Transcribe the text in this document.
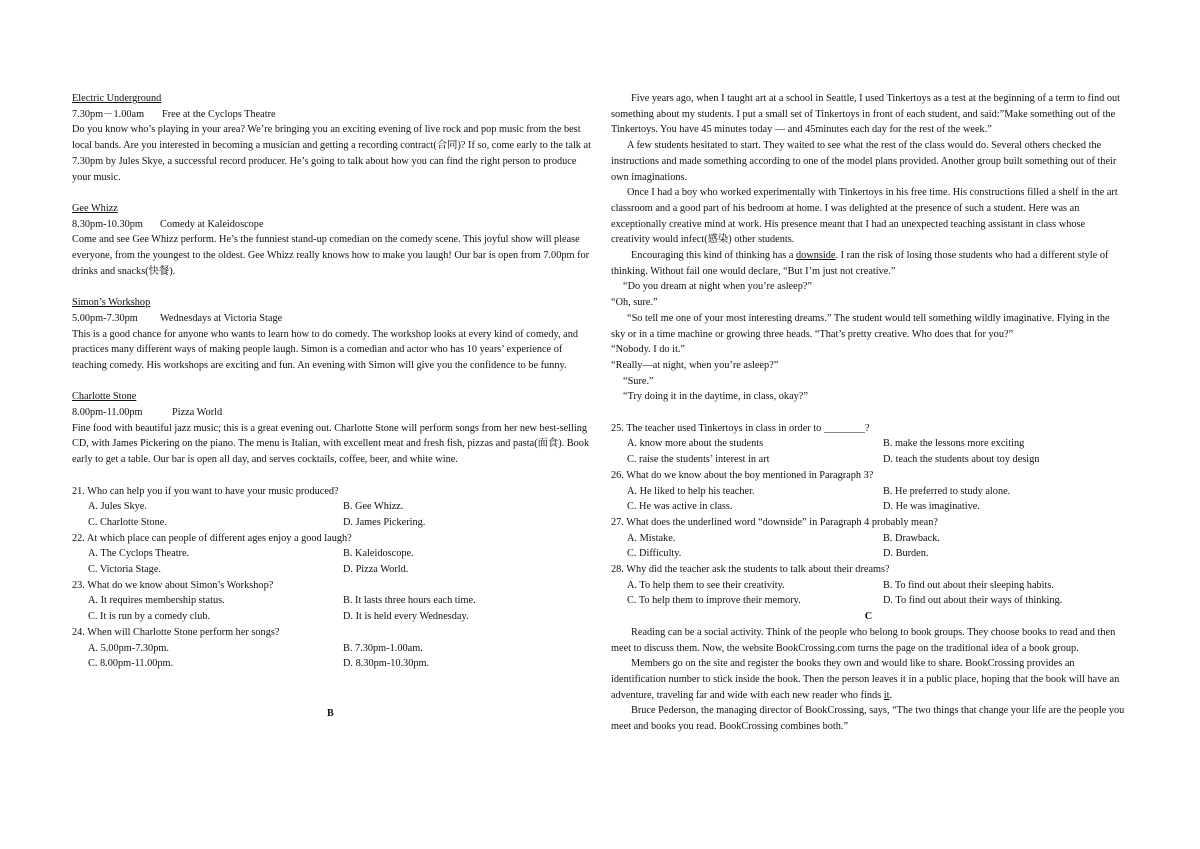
Electric Underground

7.30pm－1.00am Free at the Cyclops Theatre

Do you know who’s playing in your area? We’re bringing you an exciting evening of live rock and pop music from the best local bands. Are you interested in becoming a musician and getting a recording contract(合同)? If so, come early to the talk at 7.30pm by Jules Skye, a successful record producer. He’s going to talk about how you can find the right person to produce your music.

Gee Whizz

8.30pm-10.30pm Comedy at Kaleidoscope

Come and see Gee Whizz perform. He’s the funniest stand-up comedian on the comedy scene. This joyful show will please everyone, from the youngest to the oldest. Gee Whizz really knows how to make you laugh! Our bar is open from 7.00pm for drinks and snacks(快餐).

Simon’s Workshop

5.00pm-7.30pm Wednesdays at Victoria Stage

This is a good chance for anyone who wants to learn how to do comedy. The workshop looks at every kind of comedy, and practices many different ways of making people laugh. Simon is a comedian and actor who has 10 years’ experience of teaching comedy. His workshops are exciting and fun. An evening with Simon will give you the confidence to be funny.

Charlotte Stone

8.00pm-11.00pm	Pizza World

Fine food with beautiful jazz music; this is a great evening out. Charlotte Stone will perform songs from her new best-selling CD, with James Pickering on the piano. The menu is Italian, with excellent meat and fresh fish, pizzas and pasta(面食). Book early to get a table. Our bar is open all day, and serves cocktails, coffee, beer, and white wine.

21. Who can help you if you want to have your music produced?

A. Jules Skye.	B. Gee Whizz.
C. Charlotte Stone.	D. James Pickering.

22. At which place can people of different ages enjoy a good laugh?

A. The Cyclops Theatre.	B. Kaleidoscope.
C. Victoria Stage.	D. Pizza World.

23. What do we know about Simon’s Workshop?

A. It requires membership status.	B. It lasts three hours each time.
C. It is run by a comedy club.	D. It is held every Wednesday.

24. When will Charlotte Stone perform her songs?

A. 5.00pm-7.30pm.	B. 7.30pm-1.00am.
C. 8.00pm-11.00pm.	D. 8.30pm-10.30pm.
B

Five years ago, when I taught art at a school in Seattle, I used Tinkertoys as a test at the beginning of a term to find out something about my students. I put a small set of Tinkertoys in front of each student, and said:”Make something out of the Tinkertoys. You have 45 minutes today — and 45minutes each day for the rest of the week.”

A few students hesitated to start. They waited to see what the rest of the class would do. Several others checked the instructions and made something according to one of the model plans provided. Another group built something out of their own imaginations.

Once I had a boy who worked experimentally with Tinkertoys in his free time. His constructions filled a shelf in the art classroom and a good part of his bedroom at home. I was delighted at the presence of such a student. Here was an exceptionally creative mind at work. His presence meant that I had an unexpected teaching assistant in class whose creativity would infect(感染) other students.

Encouraging this kind of thinking has a downside. I ran the risk of losing those students who had a different style of thinking. Without fail one would declare, “But I’m just not creative.”

“Do you dream at night when you’re asleep?”

“Oh, sure.”

“So tell me one of your most interesting dreams.” The student would tell something wildly imaginative. Flying in the sky or in a time machine or growing three heads. “That’s pretty creative. Who does that for you?”

“Nobody. I do it.”

“Really—at night, when you’re asleep?”

“Sure.”

“Try doing it in the daytime, in class, okay?”

25. The teacher used Tinkertoys in class in order to ________?

A. know more about the students	B. make the lessons more exciting
C. raise the students’ interest in art	D. teach the students about toy design

26. What do we know about the boy mentioned in Paragraph 3?

A. He liked to help his teacher.	B. He preferred to study alone.
C. He was active in class.	D. He was imaginative.

27. What does the underlined word “downside” in Paragraph 4 probably mean?

A. Mistake.	B. Drawback.
C. Difficulty.	D. Burden.

28. Why did the teacher ask the students to talk about their dreams?

A. To help them to see their creativity.	B. To find out about their sleeping habits.
C. To help them to improve their memory.	D. To find out about their ways of thinking.

C

Reading can be a social activity. Think of the people who belong to book groups. They choose books to read and then meet to discuss them. Now, the website BookCrossing.com turns the page on the traditional idea of a book group.

Members go on the site and register the books they own and would like to share. BookCrossing provides an identification number to stick inside the book. Then the person leaves it in a public place, hoping that the book will have an adventure, traveling far and wide with each new reader who finds it.

Bruce Pederson, the managing director of BookCrossing, says, “The two things that change your life are the people you meet and books you read. BookCrossing combines both.”
